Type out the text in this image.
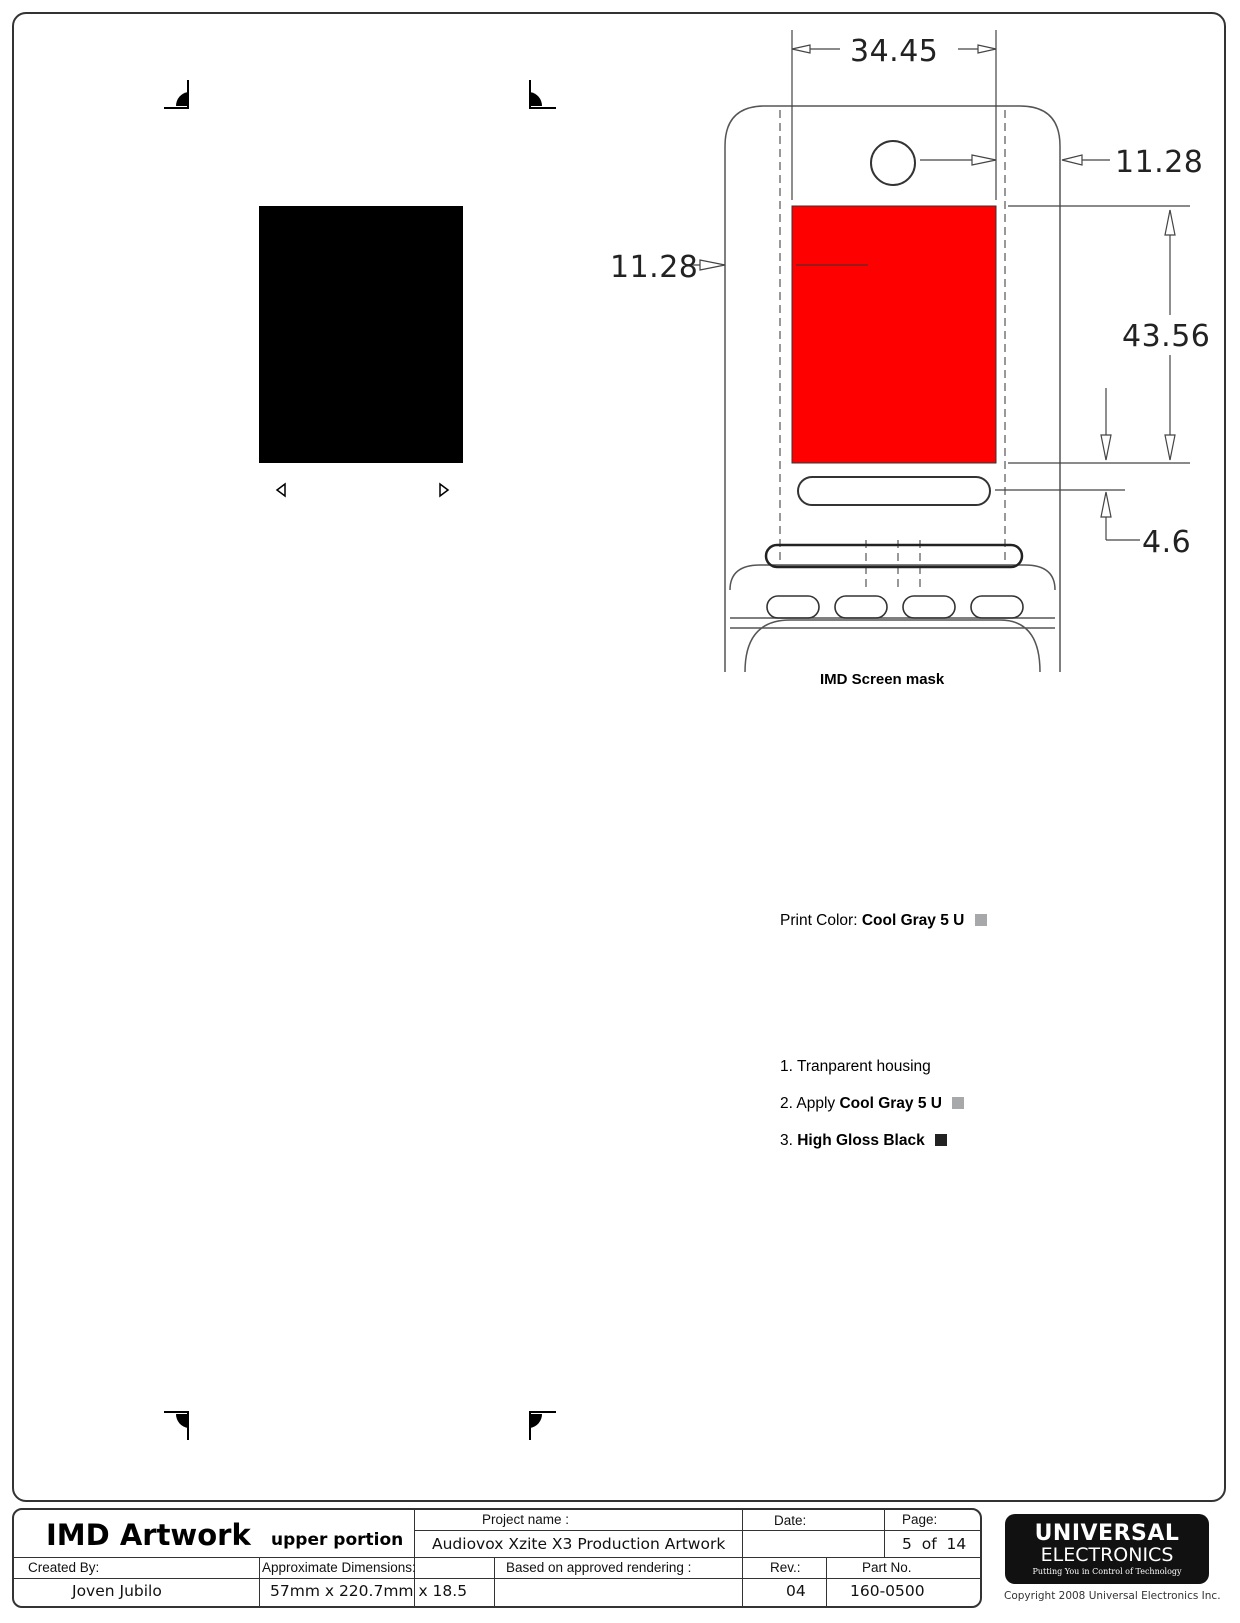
34.45
11.28
11.28
43.56
4.6
IMD Screen mask
Print Color: Cool Gray 5 U
1. Tranparent housing
2. Apply Cool Gray 5 U
3. High Gloss Black
IMD Artwork upper portion
Project name :
Audiovox Xzite X3 Production Artwork
Date:	Page:
5  of  14
Created By:
Joven Jubilo
Approximate Dimensions:
57mm x 220.7mm x 18.5
Based on approved rendering :	Rev.:
04
Part No.
160-0500
UNIVERSAL
ELECTRONICS
Putting You in Control of Technology
Copyright 2008 Universal Electronics Inc.
